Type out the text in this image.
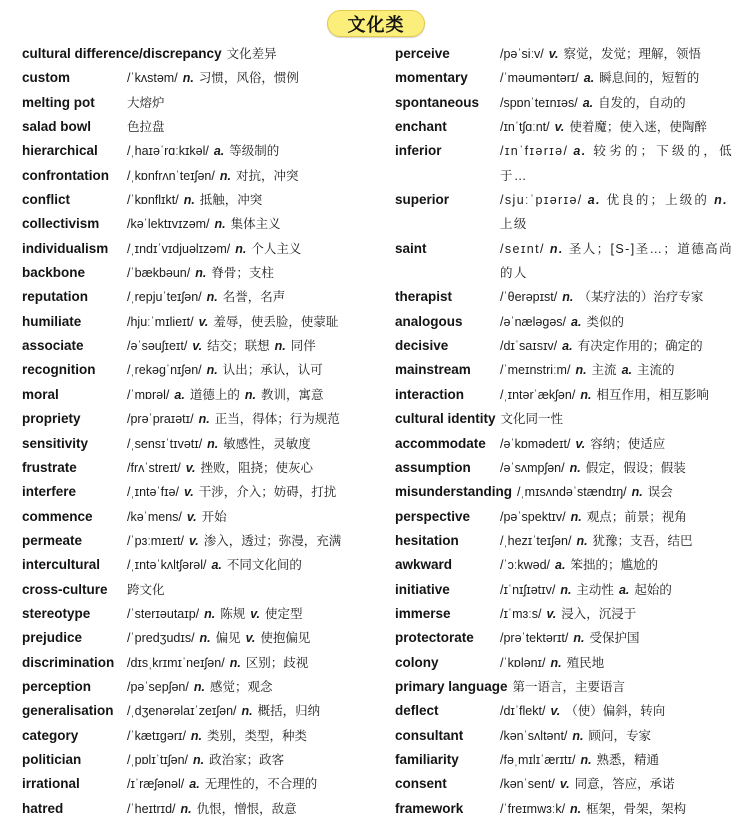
文化类
cultural difference/discrepancy 文化差异
custom	/ˈkʌstəm/ n. 习惯，风俗，惯例
melting pot	大熔炉
salad bowl	色拉盘
hierarchical	/ˌhaɪəˈrɑːkɪkəl/ a. 等级制的
confrontation	/ˌkɒnfrʌnˈteɪʃən/ n. 对抗，冲突
conflict	/ˈkɒnflɪkt/ n. 抵触，冲突
collectivism	/kəˈlektɪvɪzəm/ n. 集体主义
individualism	/ˌɪndɪˈvɪdjuəlɪzəm/ n. 个人主义
backbone	/ˈbækbəun/ n. 脊骨；支柱
reputation	/ˌrepjuˈteɪʃən/ n. 名誉，名声
humiliate	/hjuːˈmɪlieɪt/ v. 羞辱，使丢脸，使蒙耻
associate	/əˈsəuʃɪeɪt/ v. 结交；联想 n. 同伴
recognition	/ˌrekəgˈnɪʃən/ n. 认出；承认，认可
moral	/ˈmɒrəl/ a. 道德上的 n. 教训，寓意
propriety	/prəˈpraɪətɪ/ n. 正当，得体；行为规范
sensitivity	/ˌsensɪˈtɪvətɪ/ n. 敏感性，灵敏度
frustrate	/frʌˈstreɪt/ v. 挫败，阻挠；使灰心
interfere	/ˌɪntəˈfɪə/ v. 干涉，介入；妨碍，打扰
commence	/kəˈmens/ v. 开始
permeate	/ˈpɜːmɪeɪt/ v. 渗入，透过；弥漫，充满
intercultural	/ˌɪntəˈkʌltʃərəl/ a. 不同文化间的
cross-culture	跨文化
stereotype	/ˈsterɪəutaɪp/ n. 陈规 v. 使定型
prejudice	/ˈpredʒudɪs/ n. 偏见 v. 使抱偏见
discrimination	/dɪsˌkrɪmɪˈneɪʃən/ n. 区别；歧视
perception	/pəˈsepʃən/ n. 感觉；观念
generalisation	/ˌdʒenərəlaɪˈzeɪʃən/ n. 概括，归纳
category	/ˈkætɪgərɪ/ n. 类别，类型，种类
politician	/ˌpɒlɪˈtɪʃən/ n. 政治家；政客
irrational	/ɪˈræʃənəl/ a. 无理性的，不合理的
hatred	/ˈheɪtrɪd/ n. 仇恨，憎恨，敌意
perceive	/pəˈsiːv/ v. 察觉，发觉；理解，领悟
momentary	/ˈməuməntərɪ/ a. 瞬息间的，短暂的
spontaneous	/spɒnˈteɪnɪəs/ a. 自发的，自动的
enchant	/ɪnˈtʃɑːnt/ v. 使着魔；使入迷，使陶醉
inferior	/ɪnˈfɪərɪə/ a. 较劣的；下级的，低于…
superior	/sjuːˈpɪərɪə/ a. 优良的；上级的 n.上级
saint	/seɪnt/ n. 圣人；[S-]圣…；道德高尚的人
therapist	/ˈθerəpɪst/ n. （某疗法的）治疗专家
analogous	/əˈnæləgəs/ a. 类似的
decisive	/dɪˈsaɪsɪv/ a. 有决定作用的；确定的
mainstream	/ˈmeɪnstriːm/ n. 主流 a. 主流的
interaction	/ˌɪntərˈækʃən/ n. 相互作用，相互影响
cultural identity 文化同一性
accommodate	/əˈkɒmədeɪt/ v. 容纳；使适应
assumption	/əˈsʌmpʃən/ n. 假定，假设；假装
misunderstanding /ˌmɪsʌndəˈstændɪŋ/ n. 误会
perspective	/pəˈspektɪv/ n. 观点；前景；视角
hesitation	/ˌhezɪˈteɪʃən/ n. 犹豫；支吾，结巴
awkward	/ˈɔːkwəd/ a. 笨拙的；尴尬的
initiative	/ɪˈnɪʃɪətɪv/ n. 主动性 a. 起始的
immerse	/ɪˈmɜːs/ v. 浸入，沉浸于
protectorate	/prəˈtektərɪt/ n. 受保护国
colony	/ˈkɒlənɪ/ n. 殖民地
primary language 第一语言，主要语言
deflect	/dɪˈflekt/ v. （使）偏斜，转向
consultant	/kənˈsʌltənt/ n. 顾问，专家
familiarity	/fəˌmɪlɪˈærɪtɪ/ n. 熟悉，精通
consent	/kənˈsent/ v. 同意，答应，承诺
framework	/ˈfreɪmwɜːk/ n. 框架，骨架，架构
